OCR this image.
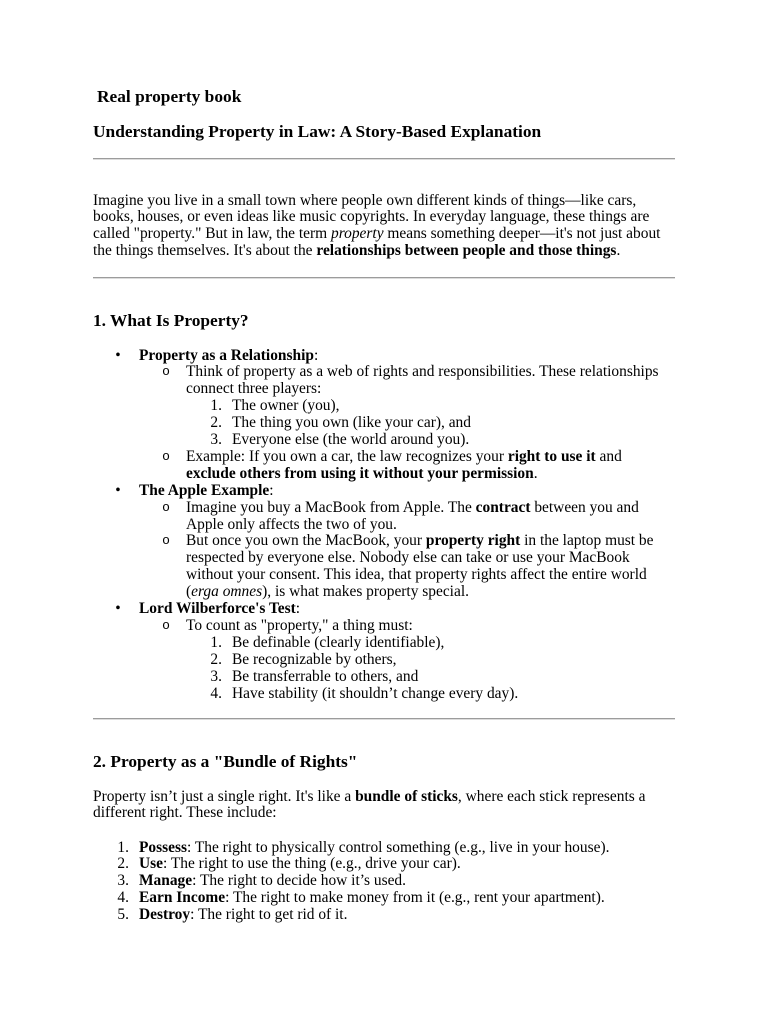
Real property book
Understanding Property in Law: A Story-Based Explanation

Imagine you live in a small town where people own different kinds of things—like cars, books, houses, or even ideas like music copyrights. In everyday language, these things are called "property." But in law, the term property means something deeper—it's not just about the things themselves. It's about the relationships between people and those things.

1. What Is Property?
• Property as a Relationship:
o Think of property as a web of rights and responsibilities. These relationships connect three players:
1. The owner (you),
2. The thing you own (like your car), and
3. Everyone else (the world around you).
o Example: If you own a car, the law recognizes your right to use it and exclude others from using it without your permission.
• The Apple Example:
o Imagine you buy a MacBook from Apple. The contract between you and Apple only affects the two of you.
o But once you own the MacBook, your property right in the laptop must be respected by everyone else. Nobody else can take or use your MacBook without your consent. This idea, that property rights affect the entire world (erga omnes), is what makes property special.
• Lord Wilberforce's Test:
o To count as "property," a thing must:
1. Be definable (clearly identifiable),
2. Be recognizable by others,
3. Be transferrable to others, and
4. Have stability (it shouldn’t change every day).
2. Property as a "Bundle of Rights"

Property isn’t just a single right. It's like a bundle of sticks, where each stick represents a different right. These include:

1. Possess: The right to physically control something (e.g., live in your house).
2. Use: The right to use the thing (e.g., drive your car).
3. Manage: The right to decide how it’s used.
4. Earn Income: The right to make money from it (e.g., rent your apartment).
5. Destroy: The right to get rid of it.
